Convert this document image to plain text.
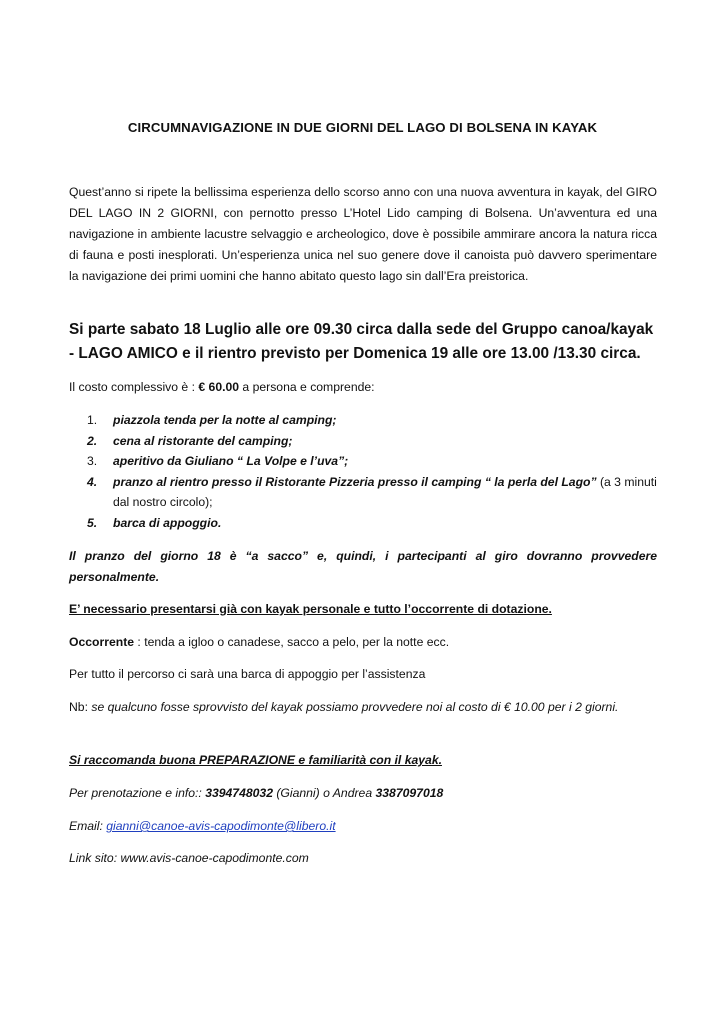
CIRCUMNAVIGAZIONE IN DUE GIORNI DEL LAGO DI BOLSENA IN KAYAK

Quest’anno si ripete la bellissima esperienza dello scorso anno con una nuova avventura in kayak, del GIRO DEL LAGO IN 2 GIORNI, con pernotto presso L’Hotel Lido camping di Bolsena. Un’avventura ed una navigazione in ambiente lacustre selvaggio e archeologico, dove è possibile ammirare ancora la natura ricca di fauna e posti inesplorati. Un’esperienza unica nel suo genere dove il canoista può davvero sperimentare la navigazione dei primi uomini che hanno abitato questo lago sin dall’Era preistorica.

Si parte sabato 18 Luglio alle ore 09.30 circa dalla sede del Gruppo canoa/kayak - LAGO AMICO e il rientro previsto per Domenica 19 alle ore 13.00 /13.30 circa.

Il costo complessivo è : € 60.00 a persona e comprende:

1. piazzola tenda per la notte al camping;
2. cena al ristorante del camping;
3. aperitivo da Giuliano “ La Volpe e l’uva”;
4. pranzo al rientro presso il Ristorante Pizzeria presso il camping “ la perla del Lago” (a 3 minuti dal nostro circolo);
5. barca di appoggio.

Il pranzo del giorno 18 è “a sacco” e, quindi, i partecipanti al giro dovranno provvedere personalmente.

E’ necessario presentarsi già con kayak personale e tutto l’occorrente di dotazione.

Occorrente : tenda a igloo o canadese, sacco a pelo, per la notte ecc.

Per tutto il percorso ci sarà una barca di appoggio per l’assistenza

Nb: se qualcuno fosse sprovvisto del kayak possiamo provvedere noi al costo di € 10.00 per i 2 giorni.

Si raccomanda buona PREPARAZIONE e familiarità con il kayak.

Per prenotazione e info:: 3394748032 (Gianni) o Andrea 3387097018

Email: gianni@canoe-avis-capodimonte@libero.it

Link sito: www.avis-canoe-capodimonte.com
